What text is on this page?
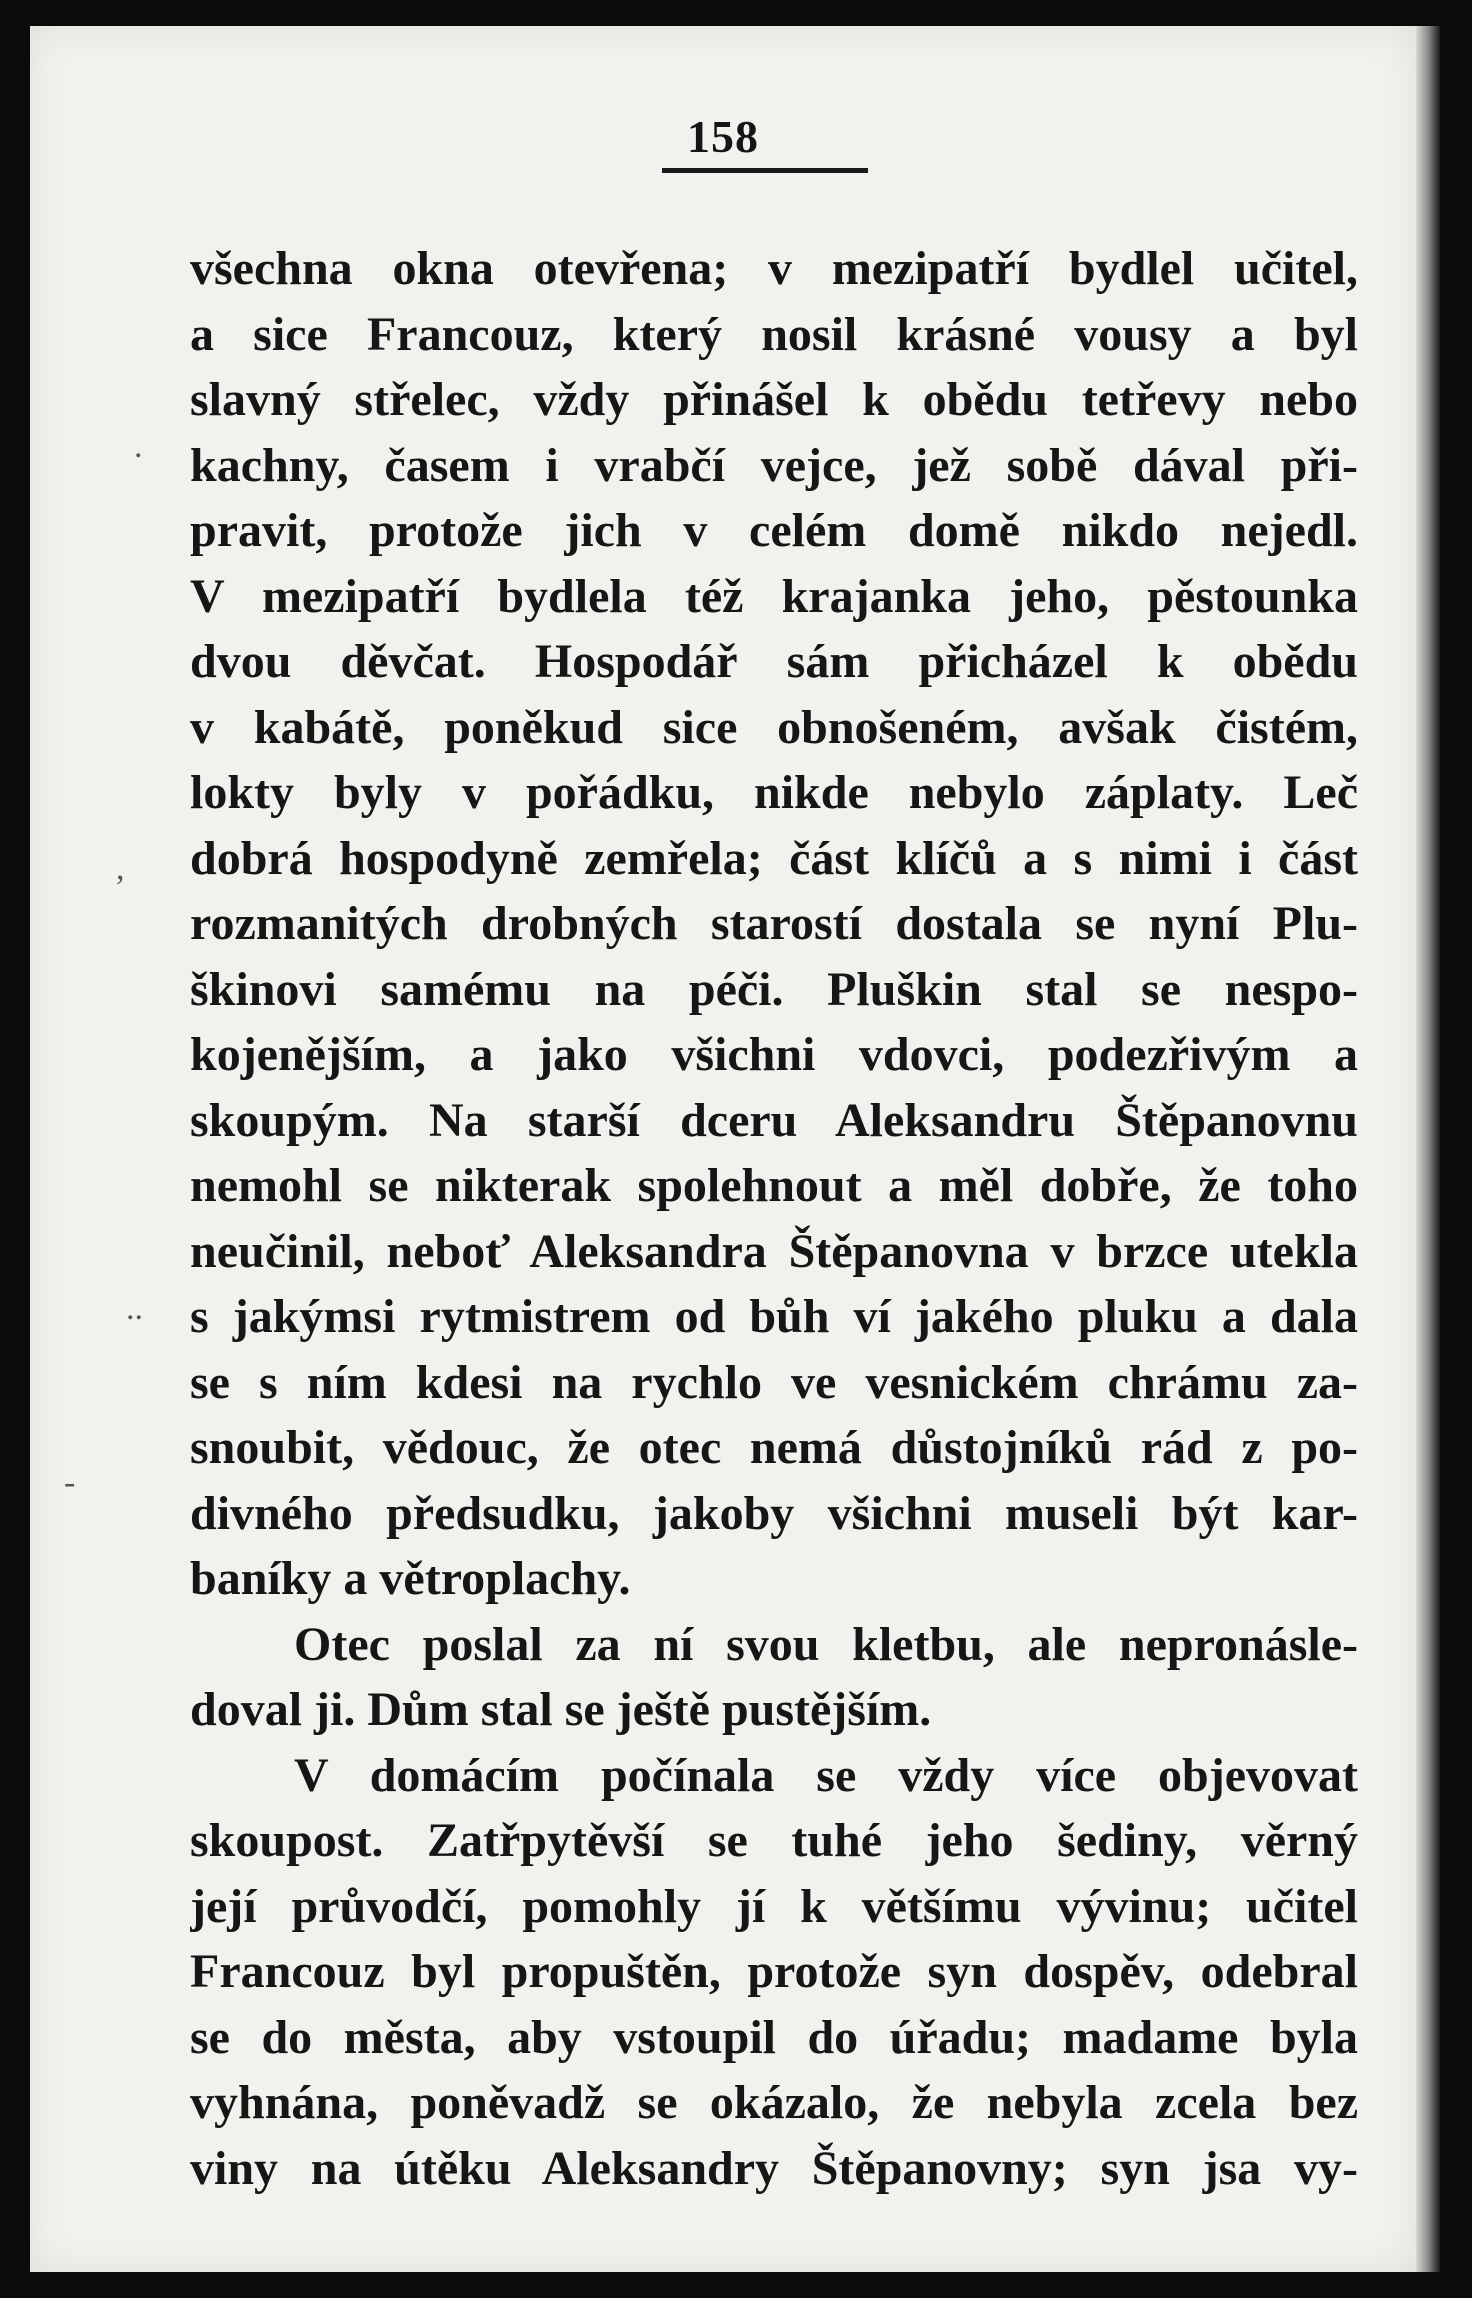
158
všechna okna otevřena; v mezipatří bydlel učitel,
a sice Francouz, který nosil krásné vousy a byl
slavný střelec, vždy přinášel k obědu tetřevy nebo
kachny, časem i vrabčí vejce, jež sobě dával při-
pravit, protože jich v celém domě nikdo nejedl.
V mezipatří bydlela též krajanka jeho, pěstounka
dvou děvčat. Hospodář sám přicházel k obědu
v kabátě, poněkud sice obnošeném, avšak čistém,
lokty byly v pořádku, nikde nebylo záplaty. Leč
dobrá hospodyně zemřela; část klíčů a s nimi i část
rozmanitých drobných starostí dostala se nyní Plu-
škinovi samému na péči. Pluškin stal se nespo-
kojenějším, a jako všichni vdovci, podezřivým a
skoupým. Na starší dceru Aleksandru Štěpanovnu
nemohl se nikterak spolehnout a měl dobře, že toho
neučinil, neboť Aleksandra Štěpanovna v brzce utekla
s jakýmsi rytmistrem od bůh ví jakého pluku a dala
se s ním kdesi na rychlo ve vesnickém chrámu za-
snoubit, vědouc, že otec nemá důstojníků rád z po-
divného předsudku, jakoby všichni museli být kar-
baníky a větroplachy.
Otec poslal za ní svou kletbu, ale nepronásle-
doval ji. Dům stal se ještě pustějším.
V domácím počínala se vždy více objevovat
skoupost. Zatřpytěvší se tuhé jeho šediny, věrný
její průvodčí, pomohly jí k většímu vývinu; učitel
Francouz byl propuštěn, protože syn dospěv, odebral
se do města, aby vstoupil do úřadu; madame byla
vyhnána, poněvadž se okázalo, že nebyla zcela bez
viny na útěku Aleksandry Štěpanovny; syn jsa vy-
.
,
..
-
